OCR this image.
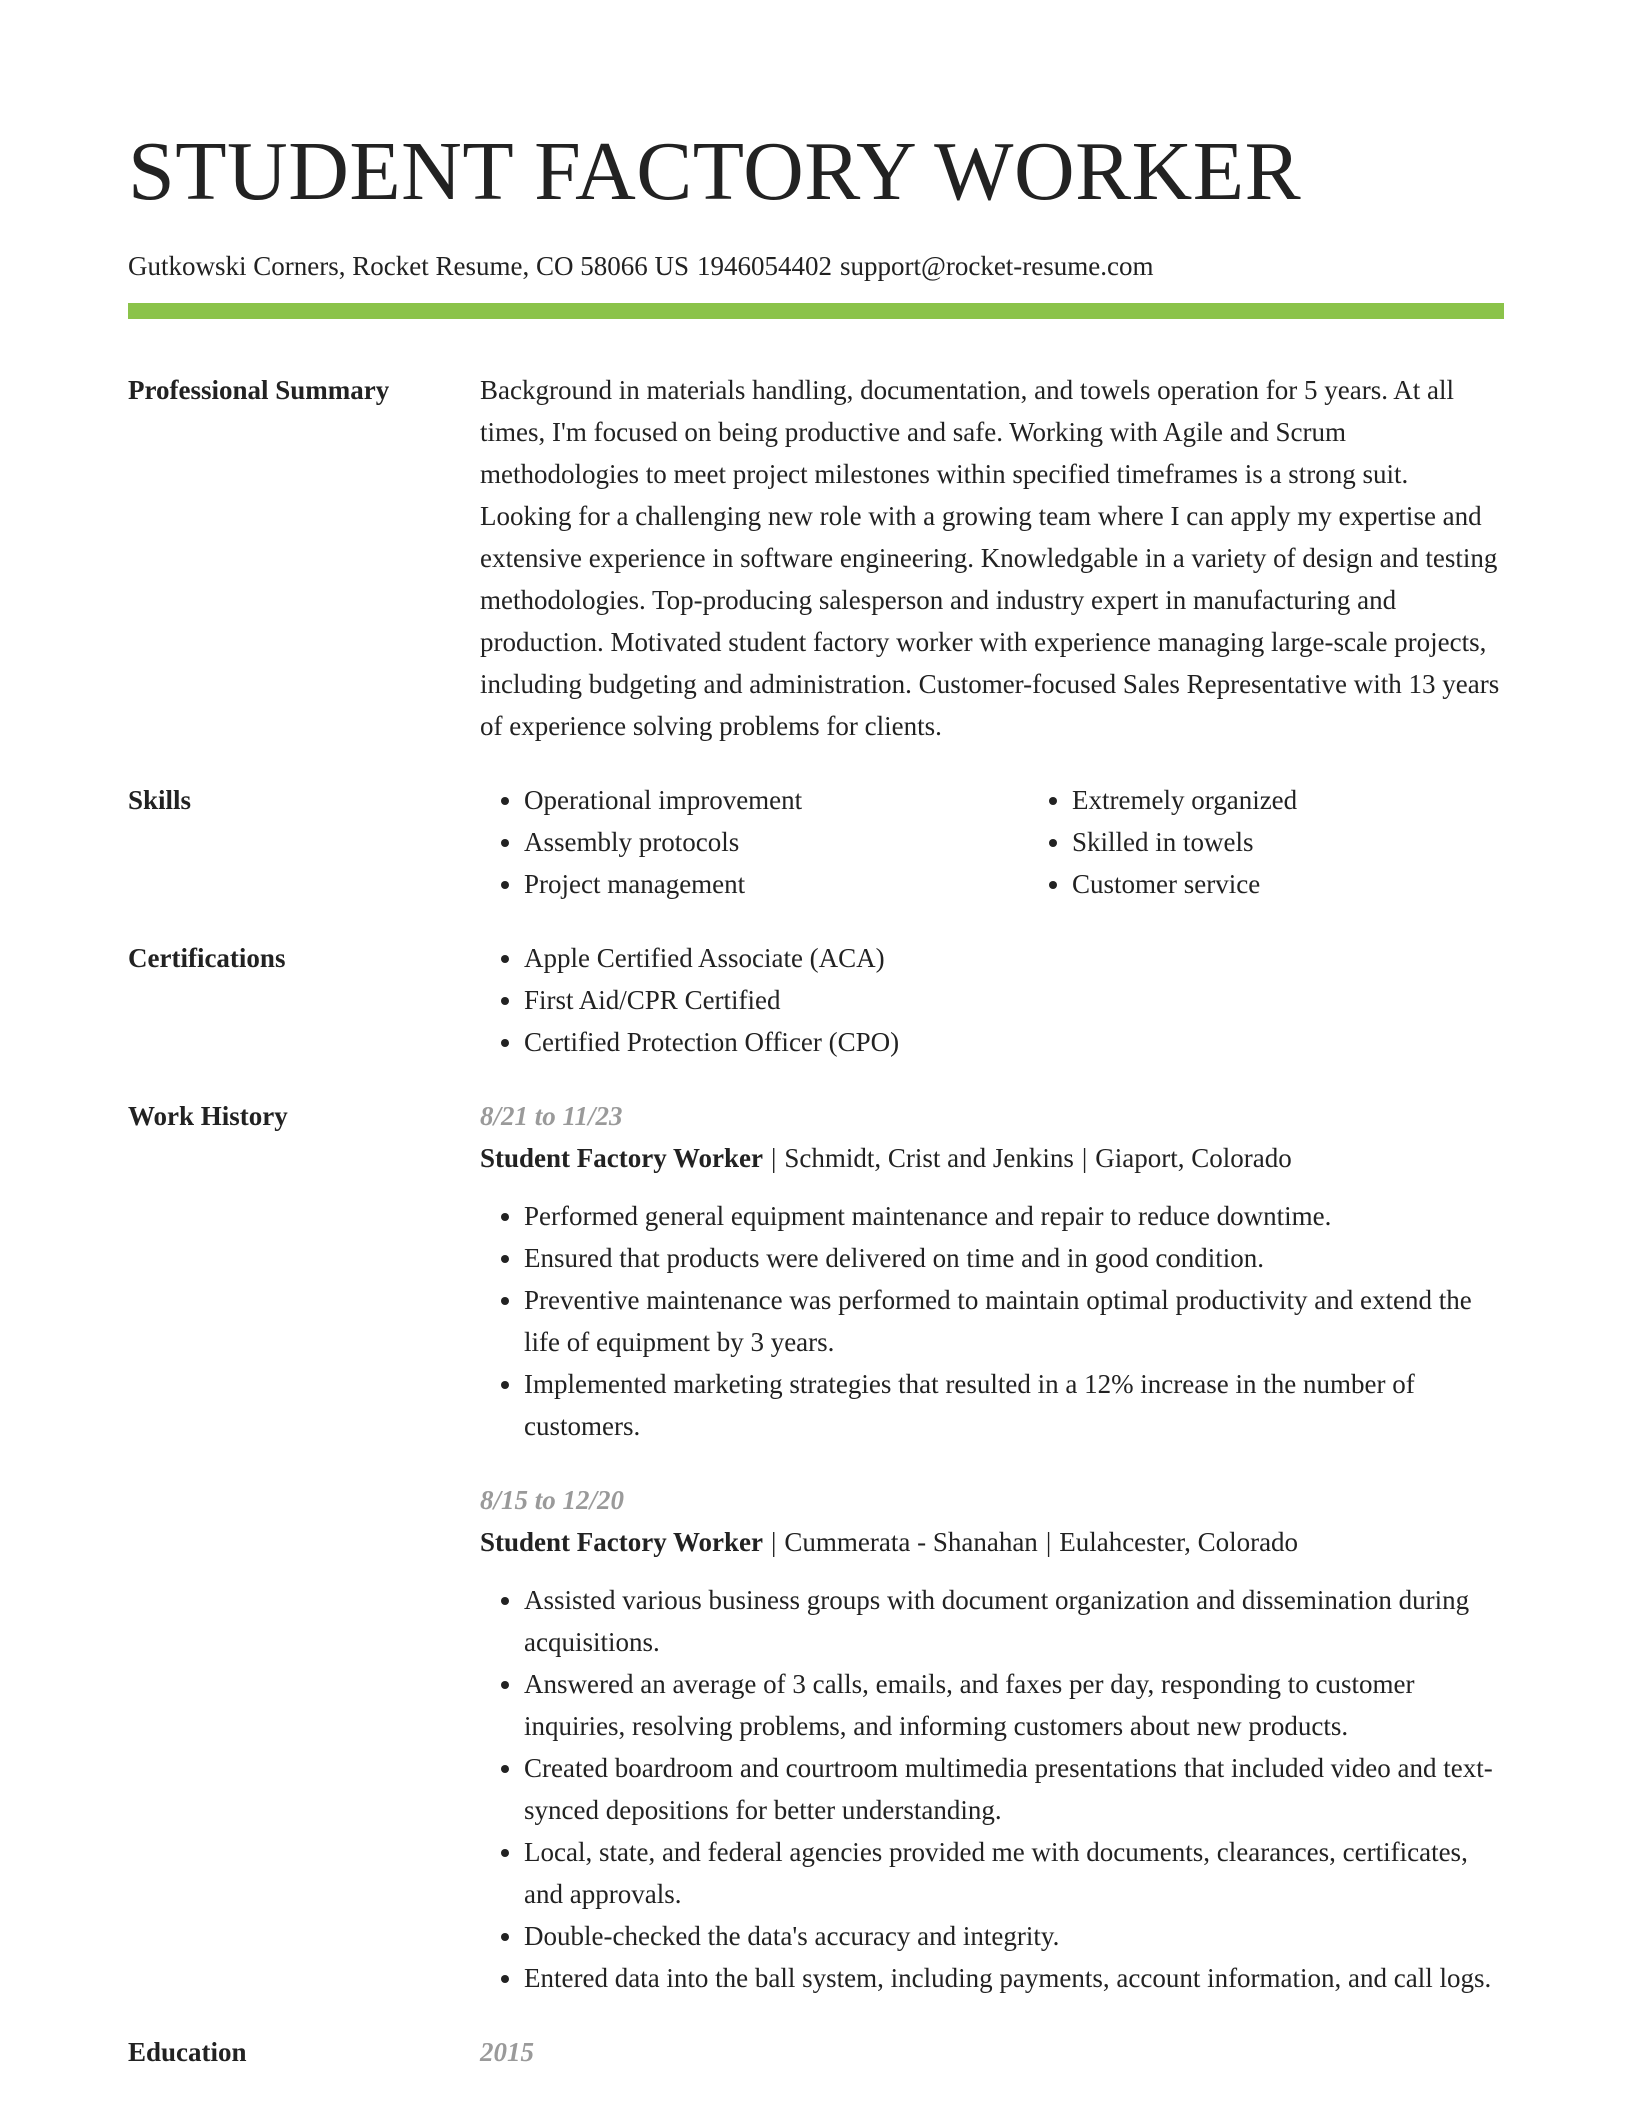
STUDENT FACTORY WORKER
Gutkowski Corners, Rocket Resume, CO 58066 US 1946054402 support@rocket-resume.com
Professional Summary	Background in materials handling, documentation, and towels operation for 5 years. At all times, I'm focused on being productive and safe. Working with Agile and Scrum methodologies to meet project milestones within specified timeframes is a strong suit. Looking for a challenging new role with a growing team where I can apply my expertise and extensive experience in software engineering. Knowledgable in a variety of design and testing methodologies. Top-producing salesperson and industry expert in manufacturing and production. Motivated student factory worker with experience managing large-scale projects, including budgeting and administration. Customer-focused Sales Representative with 13 years of experience solving problems for clients.
Skills	• Operational improvement
• Assembly protocols
• Project management
• Extremely organized
• Skilled in towels
• Customer service
Certifications	• Apple Certified Associate (ACA)
• First Aid/CPR Certified
• Certified Protection Officer (CPO)
Work History	8/21 to 11/23
Student Factory Worker | Schmidt, Crist and Jenkins | Giaport, Colorado
• Performed general equipment maintenance and repair to reduce downtime.
• Ensured that products were delivered on time and in good condition.
• Preventive maintenance was performed to maintain optimal productivity and extend the life of equipment by 3 years.
• Implemented marketing strategies that resulted in a 12% increase in the number of customers.
8/15 to 12/20
Student Factory Worker | Cummerata - Shanahan | Eulahcester, Colorado
• Assisted various business groups with document organization and dissemination during acquisitions.
• Answered an average of 3 calls, emails, and faxes per day, responding to customer inquiries, resolving problems, and informing customers about new products.
• Created boardroom and courtroom multimedia presentations that included video and text-synced depositions for better understanding.
• Local, state, and federal agencies provided me with documents, clearances, certificates, and approvals.
• Double-checked the data's accuracy and integrity.
• Entered data into the ball system, including payments, account information, and call logs.
Education	2015
